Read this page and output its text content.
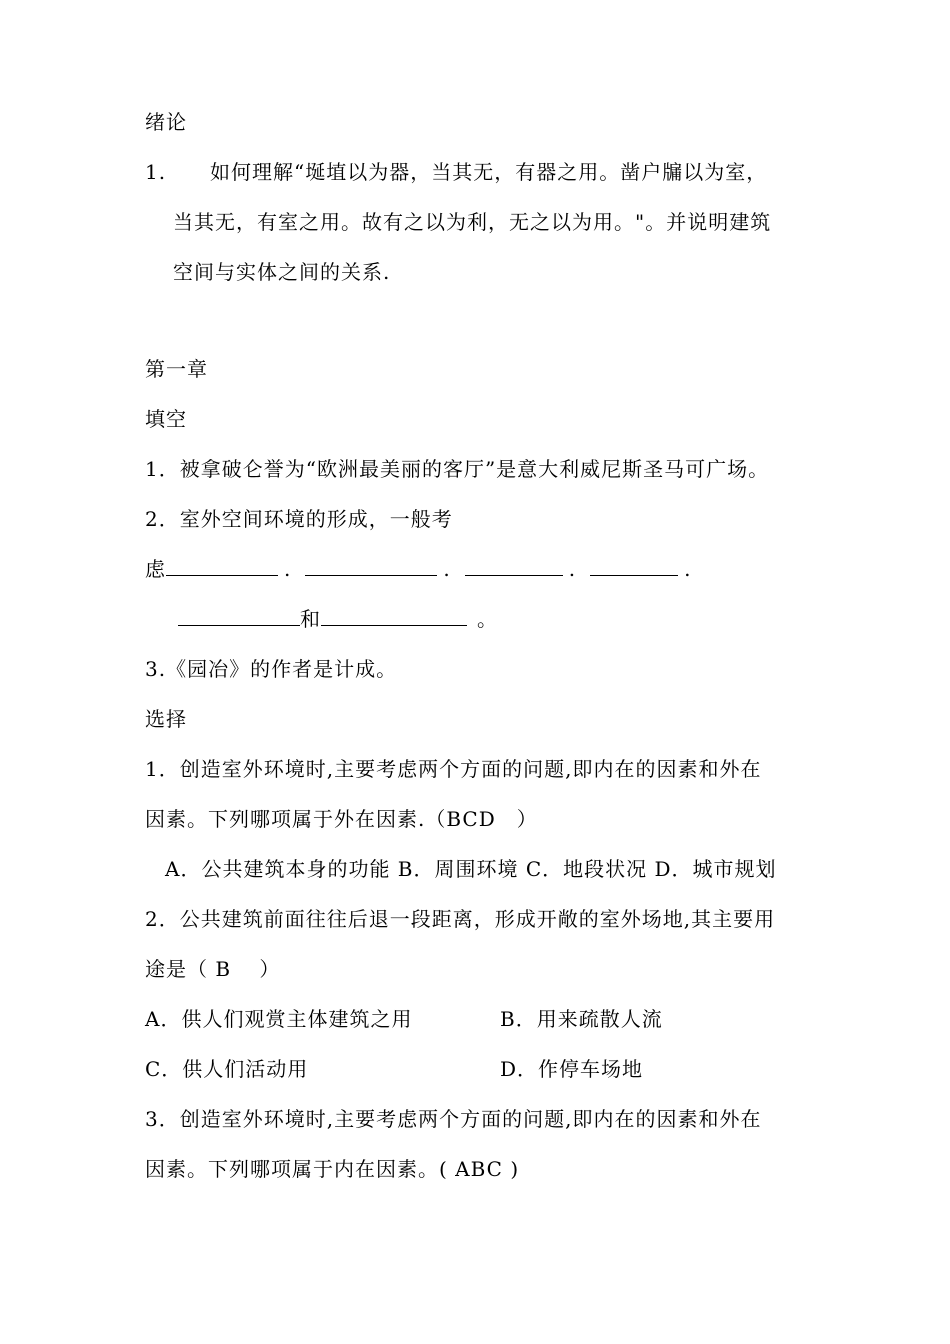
绪论
1. 如何理解“埏埴以为器，当其无，有器之用。凿户牖以为室，
当其无，有室之用。故有之以为利，无之以为用。"。并说明建筑
空间与实体之间的关系.
第一章
填空
1．被拿破仑誉为“欧洲最美丽的客厅”是意大利威尼斯圣马可广场。
2．室外空间环境的形成，一般考
虑	.	.	.	.
和	。
3.《园冶》的作者是计成。
选择
1．创造室外环境时,主要考虑两个方面的问题,即内在的因素和外在
因素。下列哪项属于外在因素.（BCD　）
A．公共建筑本身的功能 B．周围环境 C．地段状况 D．城市规划
2．公共建筑前面往往后退一段距离，形成开敞的室外场地,其主要用
途是（ B　 ）
A．供人们观赏主体建筑之用	B．用来疏散人流
C．供人们活动用	D．作停车场地
3．创造室外环境时,主要考虑两个方面的问题,即内在的因素和外在
因素。下列哪项属于内在因素。( ABC )
